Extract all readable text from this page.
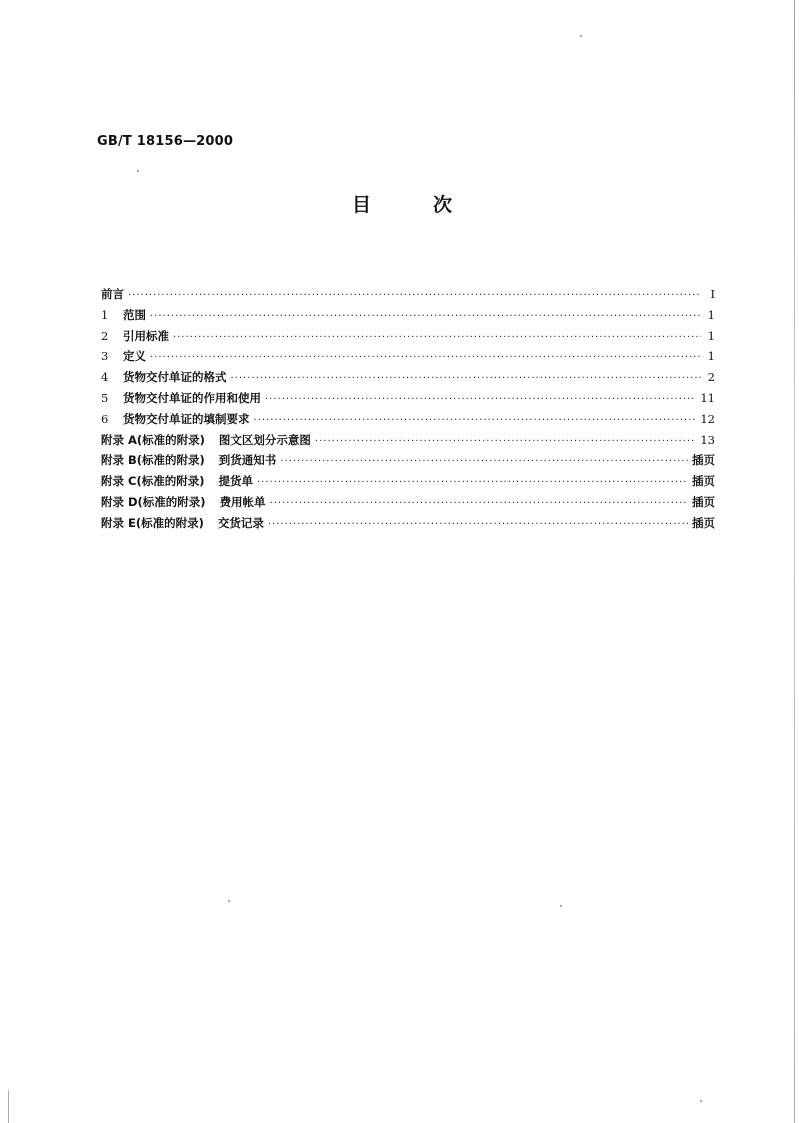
GB/T 18156—2000
目	次
前言 ·····	I
1 范围 ·····	1
2 引用标准 ·····	1
3 定义 ·····	1
4 货物交付单证的格式 ·····	2
5 货物交付单证的作用和使用 ·····	11
6 货物交付单证的填制要求 ·····	12
附录 A(标准的附录) 图文区划分示意图 ·····	13
附录 B(标准的附录) 到货通知书 ·····	插页
附录 C(标准的附录) 提货单 ·····	插页
附录 D(标准的附录) 费用帐单 ·····	插页
附录 E(标准的附录) 交货记录 ·····	插页
